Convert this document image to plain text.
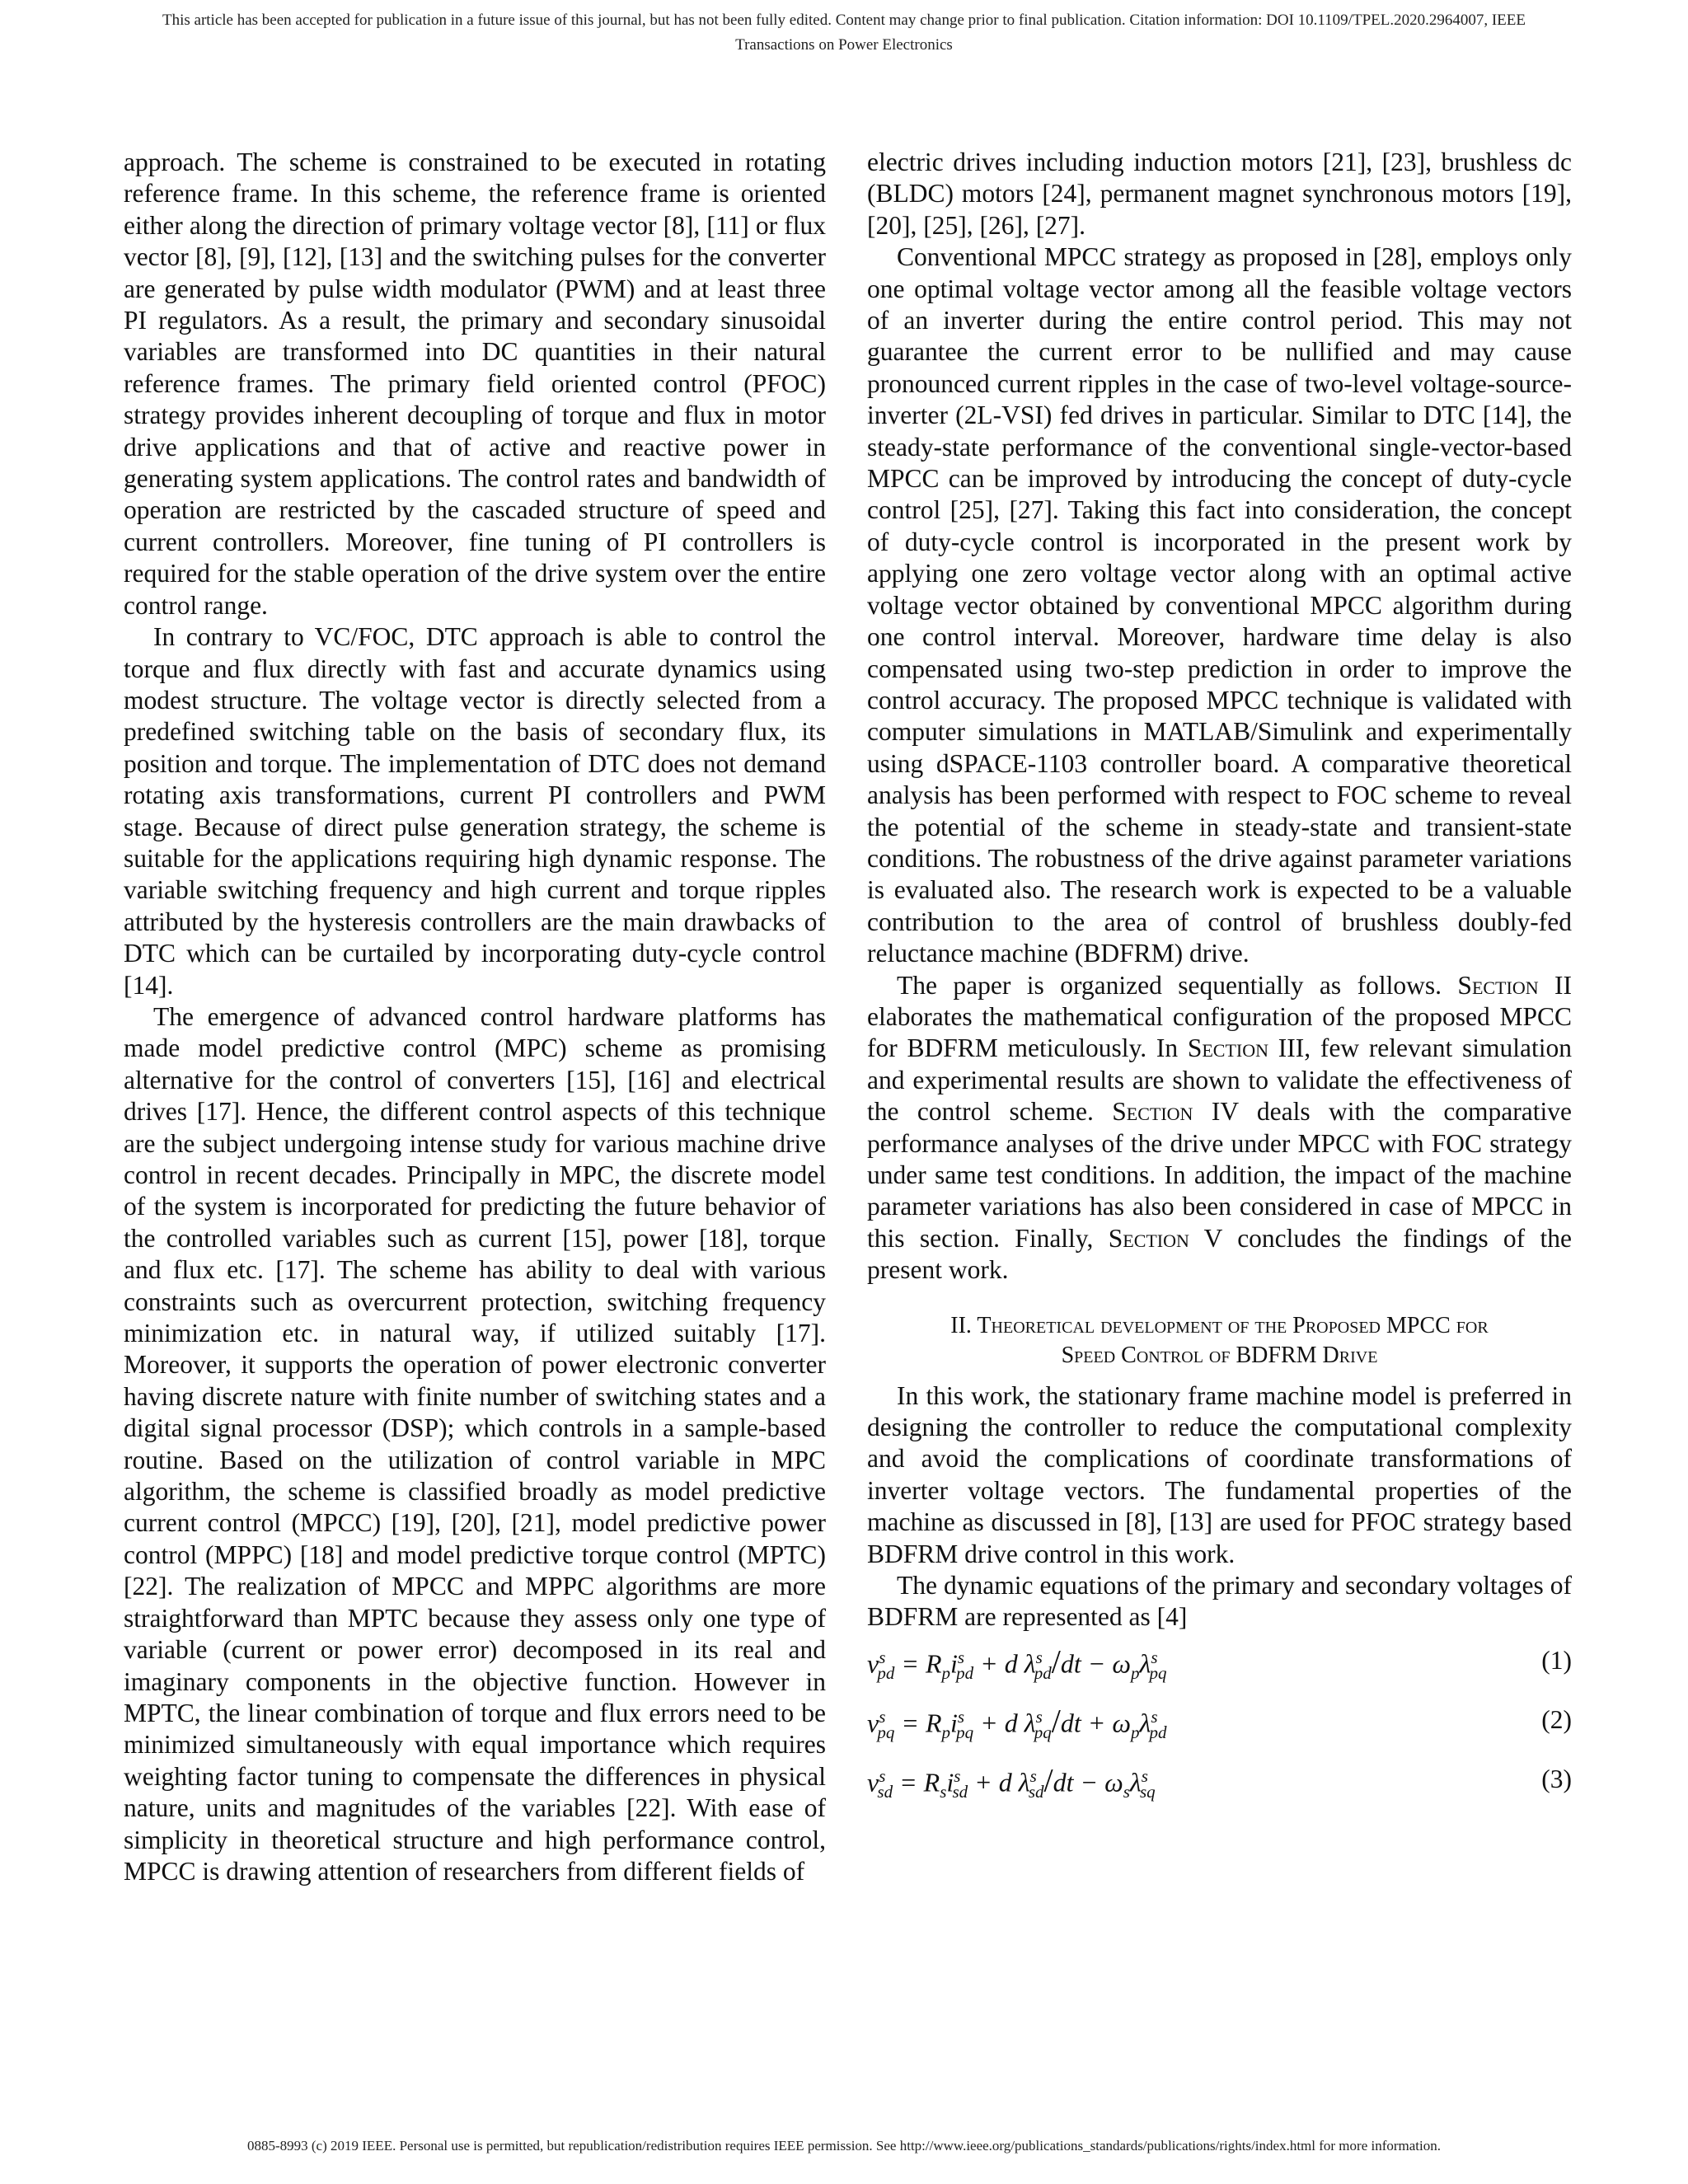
This article has been accepted for publication in a future issue of this journal, but has not been fully edited. Content may change prior to final publication. Citation information: DOI 10.1109/TPEL.2020.2964007, IEEE
Transactions on Power Electronics

approach. The scheme is constrained to be executed in rotating reference frame. In this scheme, the reference frame is oriented either along the direction of primary voltage vector [8], [11] or flux vector [8], [9], [12], [13] and the switching pulses for the converter are generated by pulse width modulator (PWM) and at least three PI regulators. As a result, the primary and secondary sinusoidal variables are transformed into DC quantities in their natural reference frames. The primary field oriented control (PFOC) strategy provides inherent decoupling of torque and flux in motor drive applications and that of active and reactive power in generating system applications. The control rates and bandwidth of operation are restricted by the cascaded structure of speed and current controllers. Moreover, fine tuning of PI controllers is required for the stable operation of the drive system over the entire control range.

In contrary to VC/FOC, DTC approach is able to control the torque and flux directly with fast and accurate dynamics using modest structure. The voltage vector is directly selected from a predefined switching table on the basis of secondary flux, its position and torque. The implementation of DTC does not demand rotating axis transformations, current PI controllers and PWM stage. Because of direct pulse generation strategy, the scheme is suitable for the applications requiring high dynamic response. The variable switching frequency and high current and torque ripples attributed by the hysteresis controllers are the main drawbacks of DTC which can be curtailed by incorporating duty-cycle control [14].

The emergence of advanced control hardware platforms has made model predictive control (MPC) scheme as promising alternative for the control of converters [15], [16] and electrical drives [17]. Hence, the different control aspects of this technique are the subject undergoing intense study for various machine drive control in recent decades. Principally in MPC, the discrete model of the system is incorporated for predicting the future behavior of the controlled variables such as current [15], power [18], torque and flux etc. [17]. The scheme has ability to deal with various constraints such as overcurrent protection, switching frequency minimization etc. in natural way, if utilized suitably [17]. Moreover, it supports the operation of power electronic converter having discrete nature with finite number of switching states and a digital signal processor (DSP); which controls in a sample-based routine. Based on the utilization of control variable in MPC algorithm, the scheme is classified broadly as model predictive current control (MPCC) [19], [20], [21], model predictive power control (MPPC) [18] and model predictive torque control (MPTC) [22]. The realization of MPCC and MPPC algorithms are more straightforward than MPTC because they assess only one type of variable (current or power error) decomposed in its real and imaginary components in the objective function. However in MPTC, the linear combination of torque and flux errors need to be minimized simultaneously with equal importance which requires weighting factor tuning to compensate the differences in physical nature, units and magnitudes of the variables [22]. With ease of simplicity in theoretical structure and high performance control, MPCC is drawing attention of researchers from different fields of

electric drives including induction motors [21], [23], brushless dc (BLDC) motors [24], permanent magnet synchronous motors [19], [20], [25], [26], [27].

Conventional MPCC strategy as proposed in [28], employs only one optimal voltage vector among all the feasible voltage vectors of an inverter during the entire control period. This may not guarantee the current error to be nullified and may cause pronounced current ripples in the case of two-level voltage-source-inverter (2L-VSI) fed drives in particular. Similar to DTC [14], the steady-state performance of the conventional single-vector-based MPCC can be improved by introducing the concept of duty-cycle control [25], [27]. Taking this fact into consideration, the concept of duty-cycle control is incorporated in the present work by applying one zero voltage vector along with an optimal active voltage vector obtained by conventional MPCC algorithm during one control interval. Moreover, hardware time delay is also compensated using two-step prediction in order to improve the control accuracy. The proposed MPCC technique is validated with computer simulations in MATLAB/Simulink and experimentally using dSPACE-1103 controller board. A comparative theoretical analysis has been performed with respect to FOC scheme to reveal the potential of the scheme in steady-state and transient-state conditions. The robustness of the drive against parameter variations is evaluated also. The research work is expected to be a valuable contribution to the area of control of brushless doubly-fed reluctance machine (BDFRM) drive.

The paper is organized sequentially as follows. Section II elaborates the mathematical configuration of the proposed MPCC for BDFRM meticulously. In Section III, few relevant simulation and experimental results are shown to validate the effectiveness of the control scheme. Section IV deals with the comparative performance analyses of the drive under MPCC with FOC strategy under same test conditions. In addition, the impact of the machine parameter variations has also been considered in case of MPCC in this section. Finally, Section V concludes the findings of the present work.

II. Theoretical development of the Proposed MPCC for
Speed Control of BDFRM Drive

In this work, the stationary frame machine model is preferred in designing the controller to reduce the computational complexity and avoid the complications of coordinate transformations of inverter voltage vectors. The fundamental properties of the machine as discussed in [8], [13] are used for PFOC strategy based BDFRM drive control in this work.

The dynamic equations of the primary and secondary voltages of BDFRM are represented as [4]

$v^s_{pd} = R_pi^s_{pd} + d$ $\lambda^s_{pd}/dt - \omega_p\lambda^s_{pq}$	(1)
$v^s_{pq} = R_pi^s_{pq} + d$ $\lambda^s_{pq}/dt + \omega_p\lambda^s_{pd}$	(2)
$v^s_{sd} = R_si^s_{sd} + d$ $\lambda^s_{sd}/dt - \omega_s\lambda^s_{sq}$	(3)
0885-8993 (c) 2019 IEEE. Personal use is permitted, but republication/redistribution requires IEEE permission. See http://www.ieee.org/publications_standards/publications/rights/index.html for more information.
